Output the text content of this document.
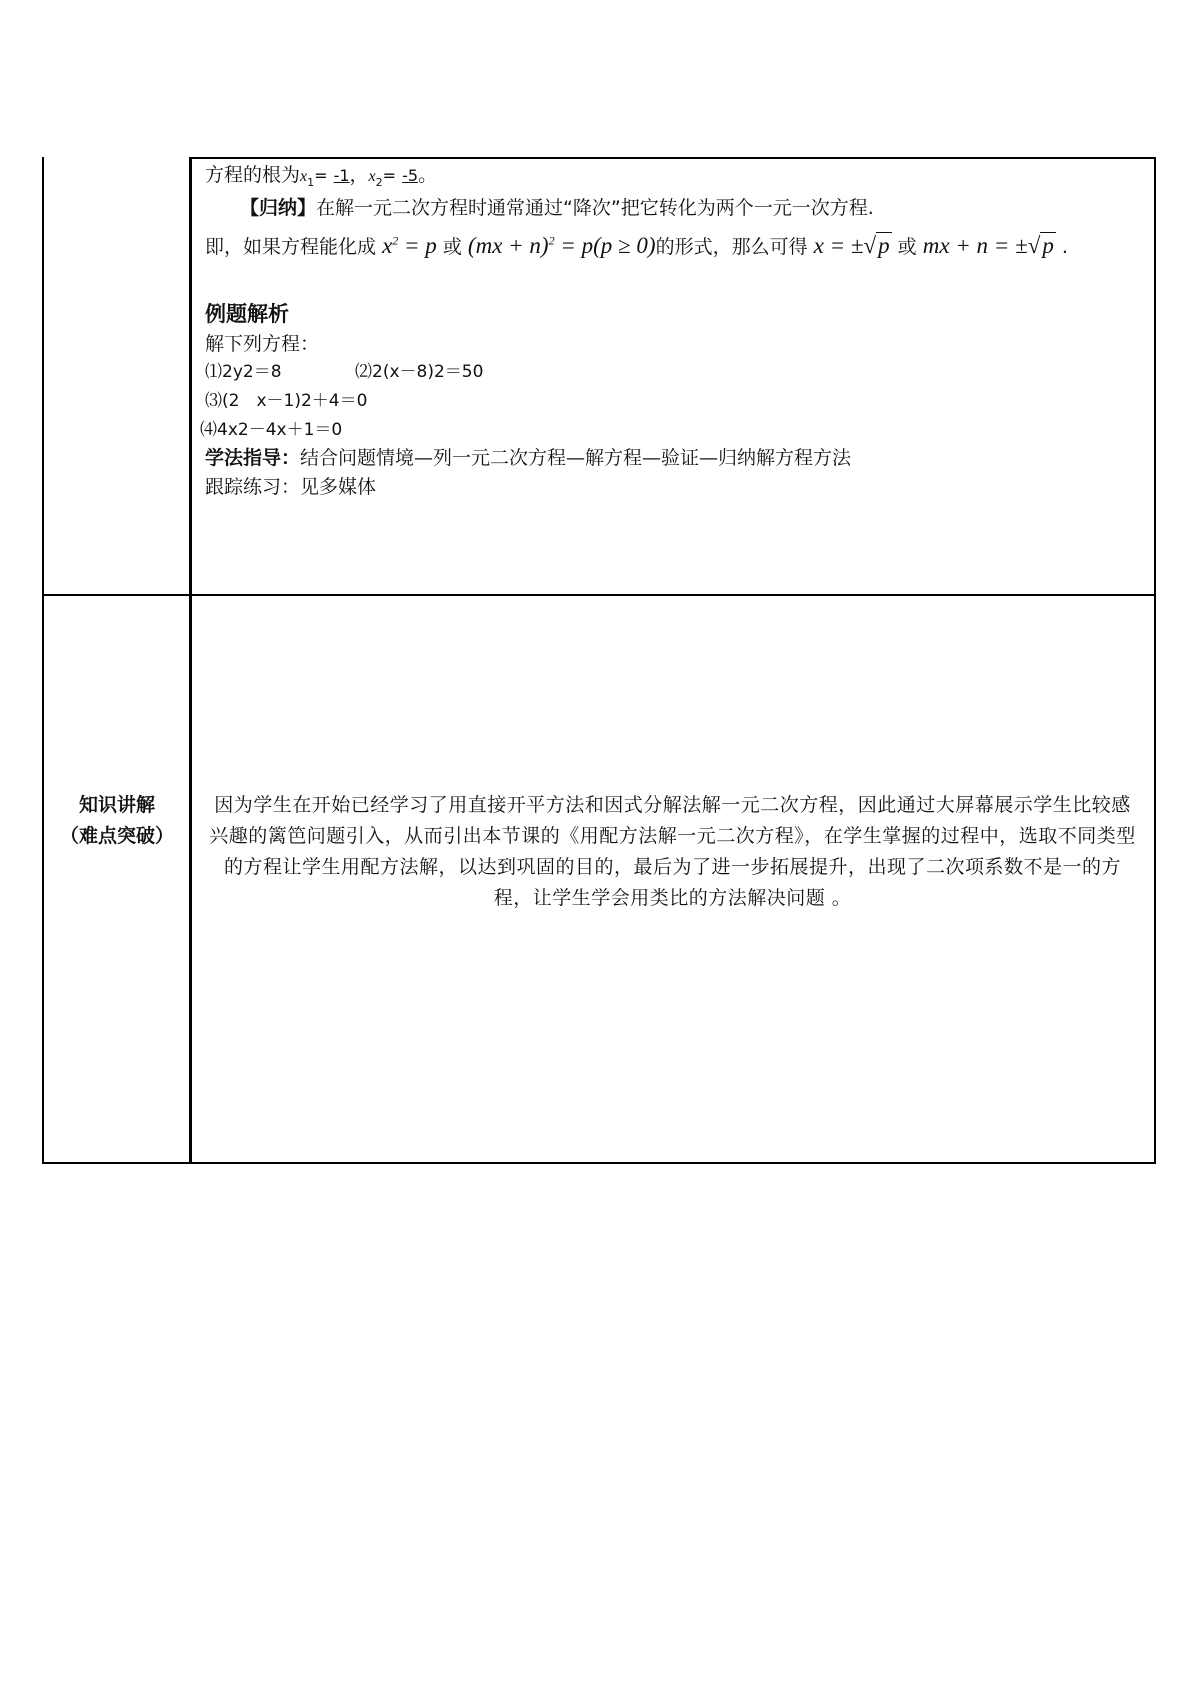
方程的根为$x_1= -1$，$x_2= -5$。
【归纳】在解一元二次方程时通常通过“降次”把它转化为两个一元一次方程.
即，如果方程能化成 $x^2 = p$ 或 (mx + n)$^2$ = p(p ≥ 0)的形式，那么可得 x = ±√p 或 mx + n = ±√p .
例题解析
解下列方程：
⑴2y2＝8	⑵2(x－8)2＝50
⑶(2　x－1)2＋4＝0
⑷4x2－4x＋1＝0
学法指导：结合问题情境—列一元二次方程—解方程—验证—归纳解方程方法
跟踪练习：见多媒体
知识讲解
（难点突破）
因为学生在开始已经学习了用直接开平方法和因式分解法解一元二次方程，因此通过大屏幕展示学生比较感兴趣的篱笆问题引入，从而引出本节课的《用配方法解一元二次方程》，在学生掌握的过程中，选取不同类型的方程让学生用配方法解，以达到巩固的目的，最后为了进一步拓展提升，出现了二次项系数不是一的方程，让学生学会用类比的方法解决问题 。
